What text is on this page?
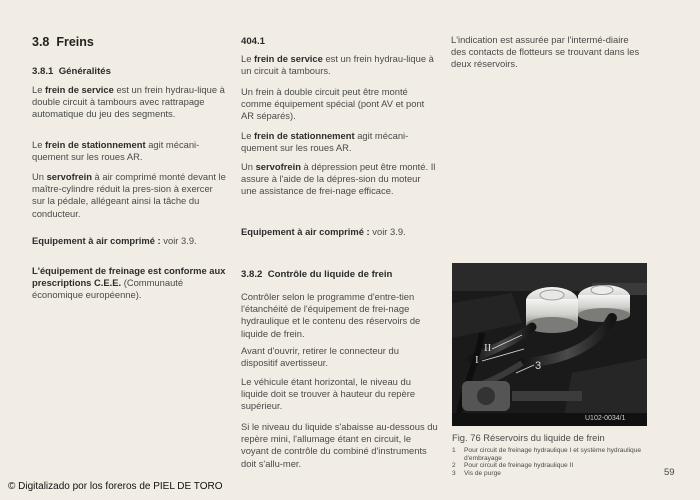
3.8 Freins
3.8.1 Généralités

Le frein de service est un frein hydrau-lique à double circuit à tambours avec rattrapage automatique du jeu des segments.

Le frein de stationnement agit mécani-quement sur les roues AR.

Un servofrein à air comprimé monté devant le maître-cylindre réduit la pres-sion à exercer sur la pédale, allégeant ainsi la tâche du conducteur.

Equipement à air comprimé : voir 3.9.

L'équipement de freinage est conforme aux prescriptions C.E.E. (Communauté économique européenne).

404.1

Le frein de service est un frein hydrau-lique à un circuit à tambours.

Un frein à double circuit peut être monté comme équipement spécial (pont AV et pont AR séparés).

Le frein de stationnement agit mécani-quement sur les roues AR.

Un servofrein à dépression peut être monté. Il assure à l'aide de la dépres-sion du moteur une assistance de frei-nage efficace.

Equipement à air comprimé : voir 3.9.

3.8.2 Contrôle du liquide de frein

Contrôler selon le programme d'entre-tien l'étanchéité de l'équipement de frei-nage hydraulique et le contenu des réservoirs de liquide de frein.

Avant d'ouvrir, retirer le connecteur du dispositif avertisseur.

Le véhicule étant horizontal, le niveau du liquide doit se trouver à hauteur du repère supérieur.

Si le niveau du liquide s'abaisse au-dessous du repère mini, l'allumage étant en circuit, le voyant de contrôle du combiné d'instruments doit s'allu-mer.

L'indication est assurée par l'intermé-diaire des contacts de flotteurs se trouvant dans les deux réservoirs.

II
I	3
U102-0034/1
Fig. 76 Réservoirs du liquide de frein
1	Pour circuit de freinage hydraulique I et système hydraulique d'embrayage
2	Pour circuit de freinage hydraulique II
3	Vis de purge	59
© Digitalizado por los foreros de PIEL DE TORO
